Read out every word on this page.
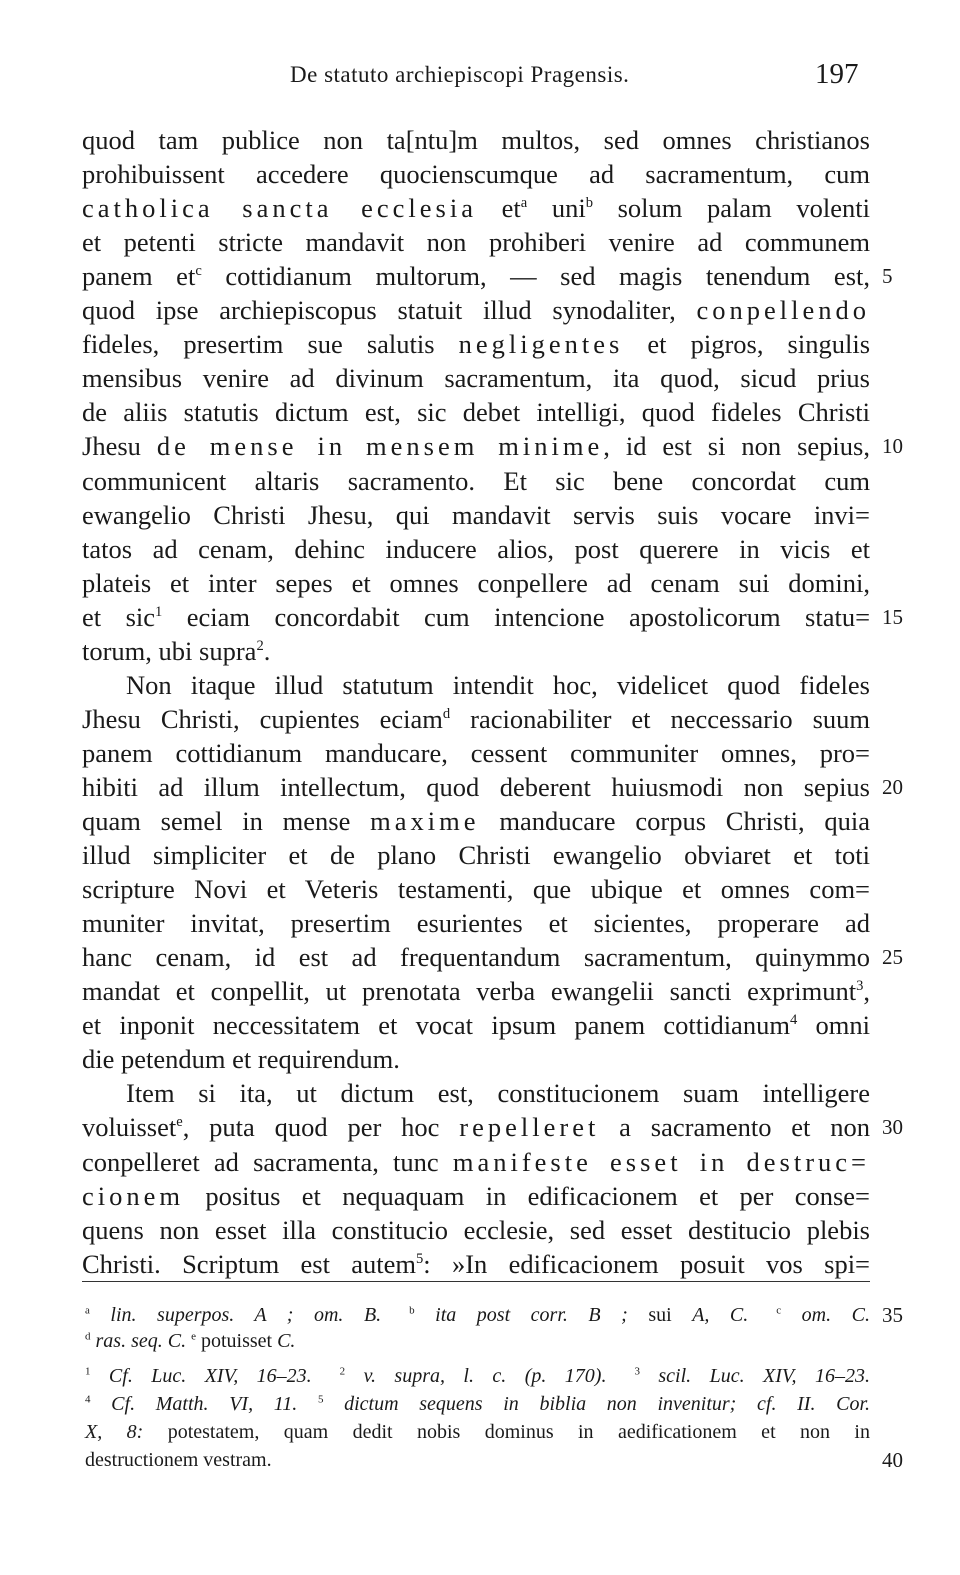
De statuto archiepiscopi Pragensis.	197
quod tam publice non ta[ntu]m multos, sed omnes christianos
prohibuissent accedere quocienscumque ad sacramentum, cum
catholica sancta ecclesia $et^a$ uni$^b$ solum palam volenti
et petenti stricte mandavit non prohiberi venire ad communem
panem $et^c$ cottidianum multorum, — sed magis tenendum est, 5
quod ipse archiepiscopus statuit illud synodaliter, conpellendo
fideles, presertim sue salutis negligentes et pigros, singulis
mensibus venire ad divinum sacramentum, ita quod, sicud prius
de aliis statutis dictum est, sic debet intelligi, quod fideles Christi
Jhesu de mense in mensem minime, id est si non sepius, 10
communicent altaris sacramento. Et sic bene concordat cum
ewangelio Christi Jhesu, qui mandavit servis suis vocare invi=
tatos ad cenam, dehinc inducere alios, post querere in vicis et
plateis et inter sepes et omnes conpellere ad cenam sui domini,
et sic$^1$ eciam concordabit cum intencione apostolicorum statu= 15
torum, ubi supra$^2$.
Non itaque illud statutum intendit hoc, videlicet quod fideles
Jhesu Christi, cupientes eciam$^d$ racionabiliter et neccessario suum
panem cottidianum manducare, cessent communiter omnes, pro=
hibiti ad illum intellectum, quod deberent huiusmodi non sepius 20
quam semel in mense maxime manducare corpus Christi, quia
illud simpliciter et de plano Christi ewangelio obviaret et toti
scripture Novi et Veteris testamenti, que ubique et omnes com=
muniter invitat, presertim esurientes et sicientes, properare ad
hanc cenam, id est ad frequentandum sacramentum, quinymmo 25
mandat et conpellit, ut prenotata verba ewangelii sancti exprimunt$^3$,
et inponit neccessitatem et vocat ipsum panem cottidianum$^4$ omni
die petendum et requirendum.
Item si ita, ut dictum est, constitucionem suam intelligere
voluisset$^e$, puta quod per hoc repelleret a sacramento et non 30
conpelleret ad sacramenta, tunc manifeste esset in destruc=
cionem positus et nequaquam in edificacionem et per conse=
quens non esset illa constitucio ecclesie, sed esset destitucio plebis
Christi. Scriptum est autem$^5$: »In edificacionem posuit vos spi=
$^a$ lin. superpos. A ; om. B.	$^b$ ita post corr. B ; sui A, C.	$^c$ om. C. 35
$^d$ ras. seq. C. $^e$ potuisset C.
$^1$ Cf. Luc. XIV, 16–23.	$^2$ v. supra, l. c. (p. 170).	$^3$ scil. Luc. XIV, 16–23.
$^4$ Cf. Matth. VI, 11. $^5$ dictum sequens in biblia non invenitur; cf. II. Cor.
X, 8: potestatem, quam dedit nobis dominus in aedificationem et non in
destructionem vestram.	40
